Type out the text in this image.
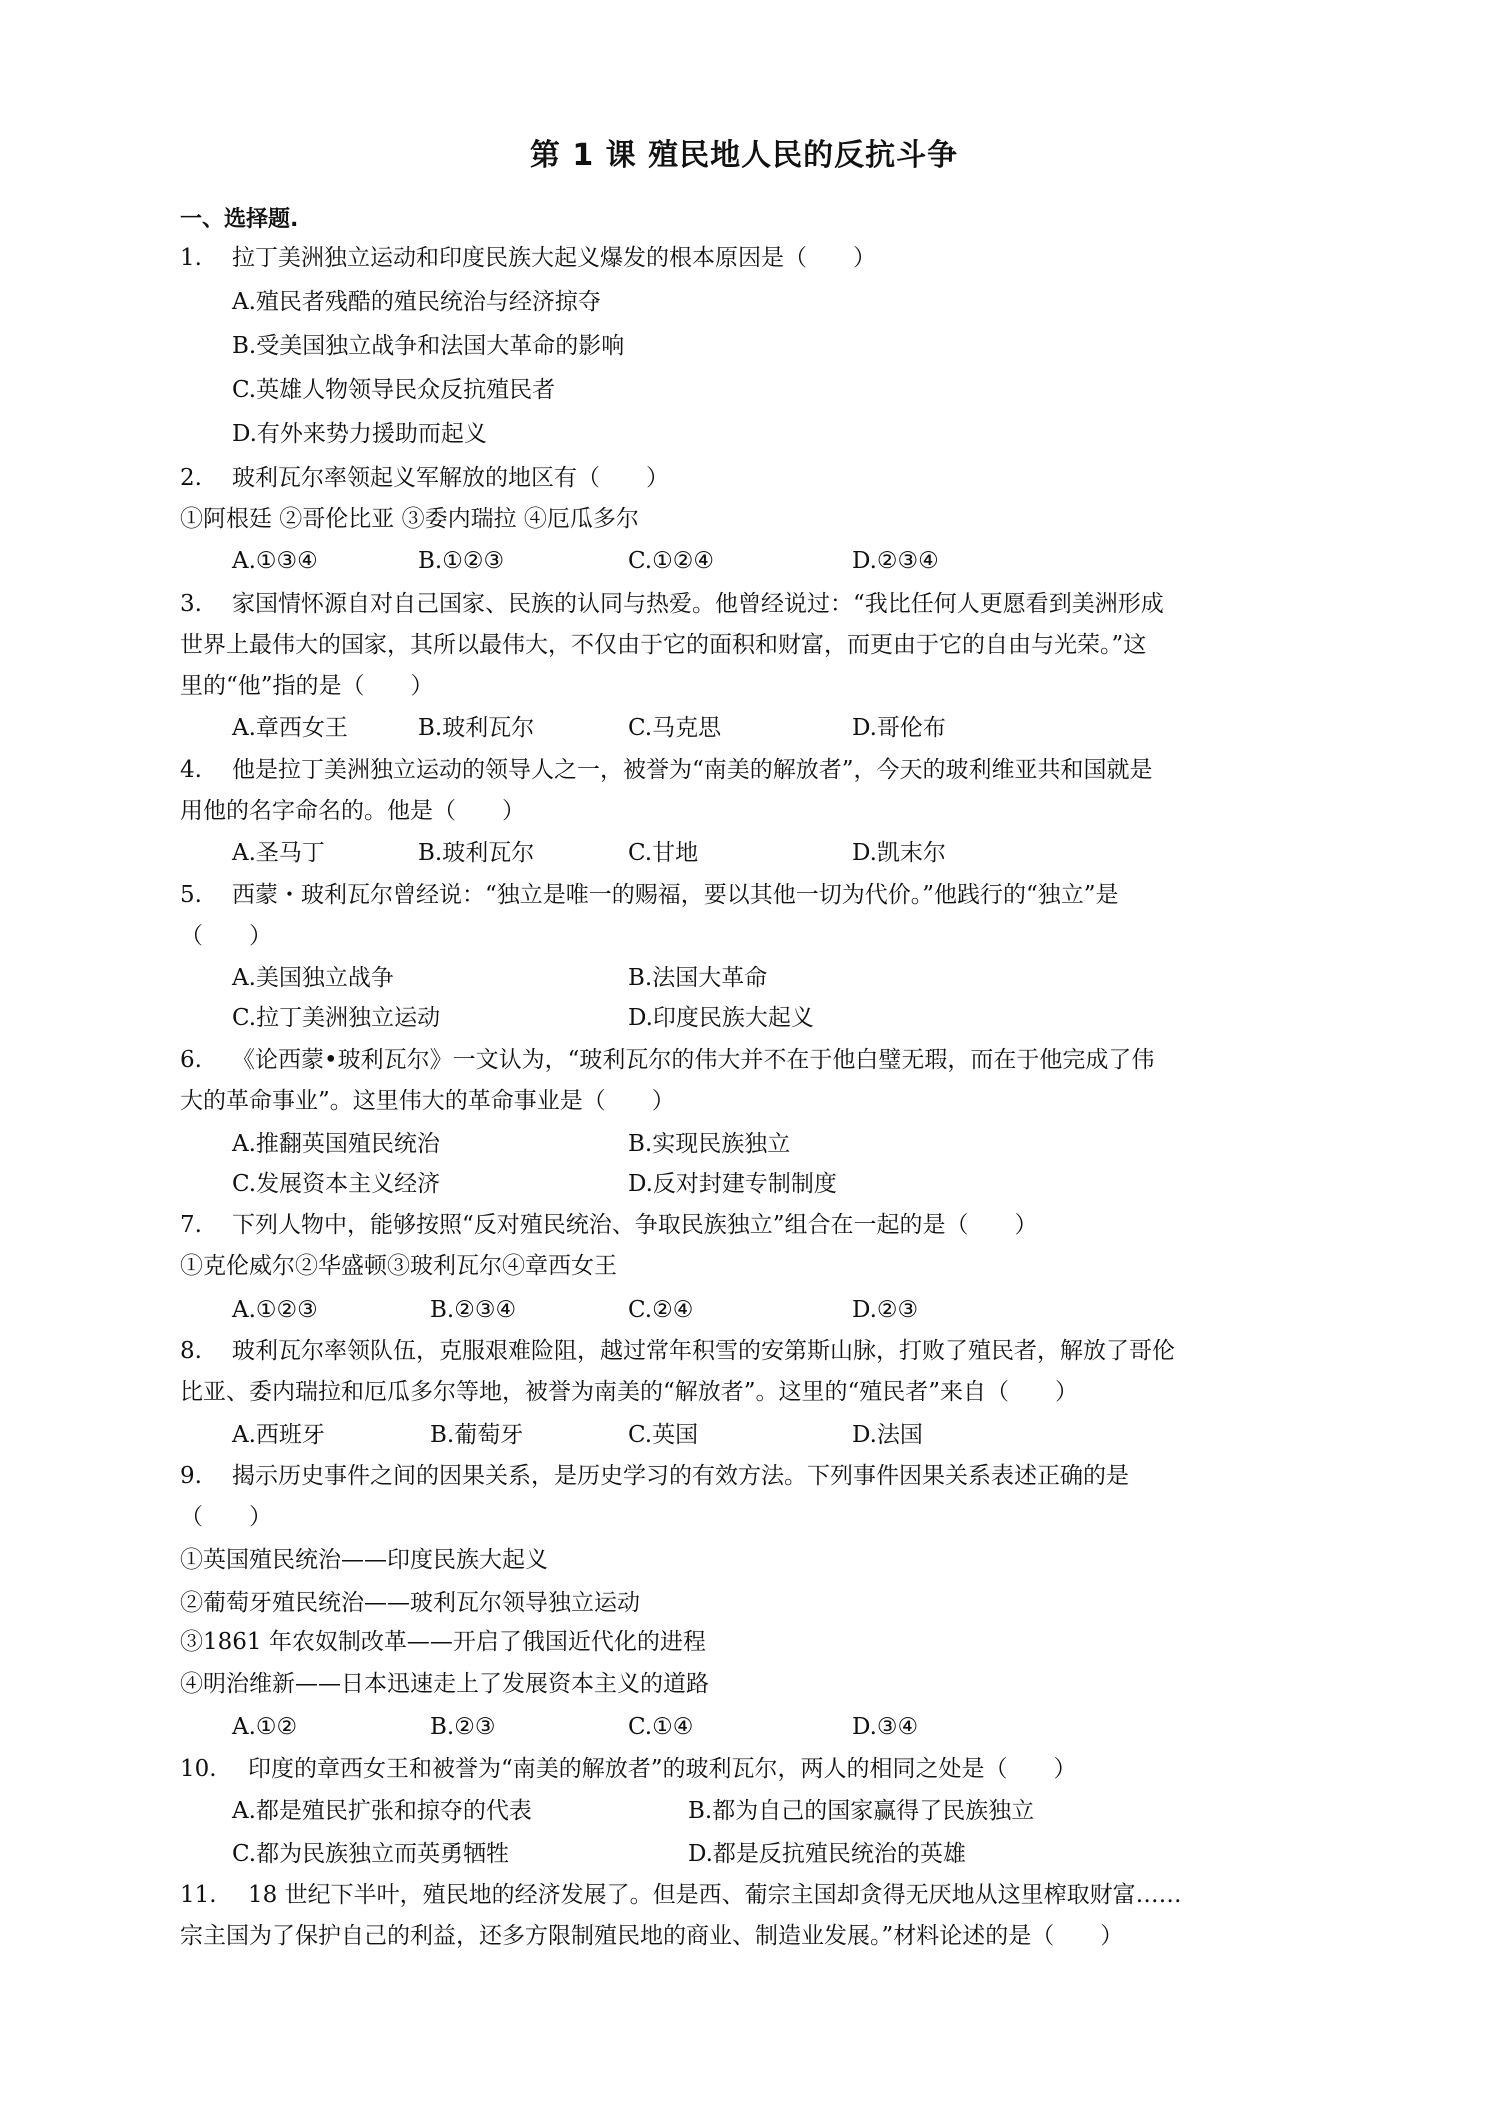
第 1 课 殖民地人民的反抗斗争
一、选择题.
1. 拉丁美洲独立运动和印度民族大起义爆发的根本原因是（　　）
A.殖民者残酷的殖民统治与经济掠夺
B.受美国独立战争和法国大革命的影响
C.英雄人物领导民众反抗殖民者
D.有外来势力援助而起义
2. 玻利瓦尔率领起义军解放的地区有（　　）
①阿根廷 ②哥伦比亚 ③委内瑞拉 ④厄瓜多尔
A.①③④	B.①②③	C.①②④	D.②③④
3. 家国情怀源自对自己国家、民族的认同与热爱。他曾经说过：“我比任何人更愿看到美洲形成
世界上最伟大的国家，其所以最伟大，不仅由于它的面积和财富，而更由于它的自由与光荣。”这
里的“他”指的是（　　）
A.章西女王	B.玻利瓦尔	C.马克思	D.哥伦布
4. 他是拉丁美洲独立运动的领导人之一，被誉为“南美的解放者”，今天的玻利维亚共和国就是
用他的名字命名的。他是（　　）
A.圣马丁	B.玻利瓦尔	C.甘地	D.凯末尔
5. 西蒙・玻利瓦尔曾经说：“独立是唯一的赐福，要以其他一切为代价。”他践行的“独立”是
（　　）
A.美国独立战争	B.法国大革命
C.拉丁美洲独立运动	D.印度民族大起义
6. 《论西蒙•玻利瓦尔》一文认为，“玻利瓦尔的伟大并不在于他白璧无瑕，而在于他完成了伟
大的革命事业”。这里伟大的革命事业是（　　）
A.推翻英国殖民统治	B.实现民族独立
C.发展资本主义经济	D.反对封建专制制度
7. 下列人物中，能够按照“反对殖民统治、争取民族独立”组合在一起的是（　　）
①克伦威尔②华盛顿③玻利瓦尔④章西女王
A.①②③	B.②③④	C.②④	D.②③
8. 玻利瓦尔率领队伍，克服艰难险阻，越过常年积雪的安第斯山脉，打败了殖民者，解放了哥伦
比亚、委内瑞拉和厄瓜多尔等地，被誉为南美的“解放者”。这里的“殖民者”来自（　　）
A.西班牙	B.葡萄牙	C.英国	D.法国
9. 揭示历史事件之间的因果关系，是历史学习的有效方法。下列事件因果关系表述正确的是
（　　）
①英国殖民统治——印度民族大起义
②葡萄牙殖民统治——玻利瓦尔领导独立运动
③1861 年农奴制改革——开启了俄国近代化的进程
④明治维新——日本迅速走上了发展资本主义的道路
A.①②	B.②③	C.①④	D.③④
10. 印度的章西女王和被誉为“南美的解放者”的玻利瓦尔，两人的相同之处是（　　）
A.都是殖民扩张和掠夺的代表	B.都为自己的国家赢得了民族独立
C.都为民族独立而英勇牺牲	D.都是反抗殖民统治的英雄
11. 18 世纪下半叶，殖民地的经济发展了。但是西、葡宗主国却贪得无厌地从这里榨取财富……
宗主国为了保护自己的利益，还多方限制殖民地的商业、制造业发展。”材料论述的是（　　）
